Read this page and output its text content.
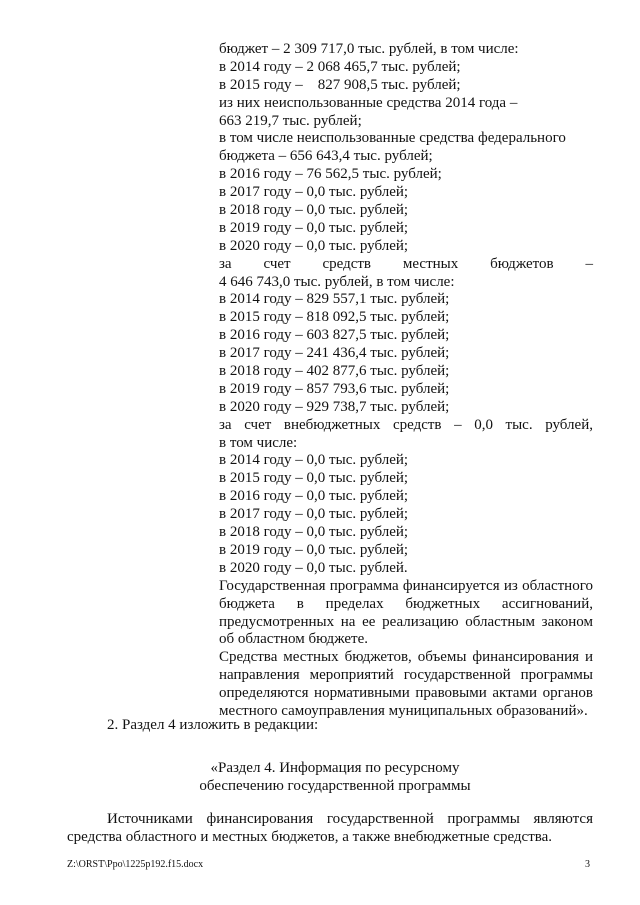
бюджет – 2 309 717,0 тыс. рублей, в том числе:
в 2014 году – 2 068 465,7 тыс. рублей;
в 2015 году –    827 908,5 тыс. рублей;
из них неиспользованные средства 2014 года –
663 219,7 тыс. рублей;
в том числе неиспользованные средства федерального
бюджета – 656 643,4 тыс. рублей;
в 2016 году – 76 562,5 тыс. рублей;
в 2017 году – 0,0 тыс. рублей;
в 2018 году – 0,0 тыс. рублей;
в 2019 году – 0,0 тыс. рублей;
в 2020 году – 0,0 тыс. рублей;
за счет средств местных бюджетов –
4 646 743,0 тыс. рублей, в том числе:
в 2014 году – 829 557,1 тыс. рублей;
в 2015 году – 818 092,5 тыс. рублей;
в 2016 году – 603 827,5 тыс. рублей;
в 2017 году – 241 436,4 тыс. рублей;
в 2018 году – 402 877,6 тыс. рублей;
в 2019 году – 857 793,6 тыс. рублей;
в 2020 году – 929 738,7 тыс. рублей;
за счет внебюджетных средств – 0,0 тыс. рублей,
в том числе:
в 2014 году – 0,0 тыс. рублей;
в 2015 году – 0,0 тыс. рублей;
в 2016 году – 0,0 тыс. рублей;
в 2017 году – 0,0 тыс. рублей;
в 2018 году – 0,0 тыс. рублей;
в 2019 году – 0,0 тыс. рублей;
в 2020 году – 0,0 тыс. рублей.
Государственная программа финансируется из областного бюджета в пределах бюджетных ассигнований, предусмотренных на ее реализацию областным законом об областном бюджете.
Средства местных бюджетов, объемы финансирования и направления мероприятий государственной программы определяются нормативными правовыми актами органов местного самоуправления муниципальных образований».
2. Раздел 4 изложить в редакции:
«Раздел 4. Информация по ресурсному
обеспечению государственной программы
Источниками финансирования государственной программы являются
средства областного и местных бюджетов, а также внебюджетные средства.
Z:\ORST\Ppo\1225p192.f15.docx	3
